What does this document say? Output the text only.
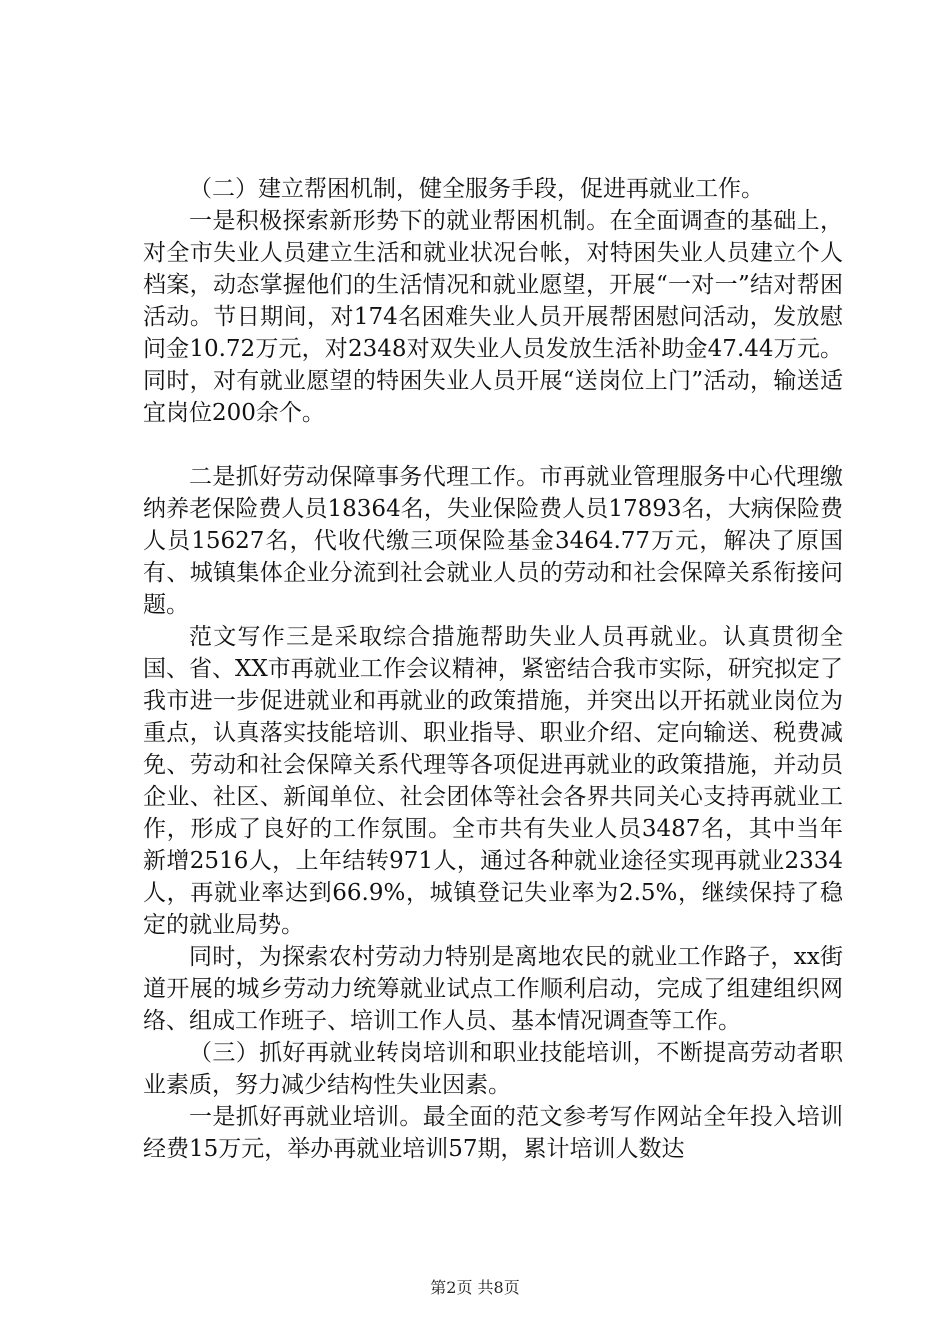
（二）建立帮困机制，健全服务手段，促进再就业工作。

一是积极探索新形势下的就业帮困机制。在全面调查的基础上，对全市失业人员建立生活和就业状况台帐，对特困失业人员建立个人档案，动态掌握他们的生活情况和就业愿望，开展“一对一”结对帮困活动。节日期间，对174名困难失业人员开展帮困慰问活动，发放慰问金10.72万元，对2348对双失业人员发放生活补助金47.44万元。同时，对有就业愿望的特困失业人员开展“送岗位上门”活动，输送适宜岗位200余个。

二是抓好劳动保障事务代理工作。市再就业管理服务中心代理缴纳养老保险费人员18364名，失业保险费人员17893名，大病保险费人员15627名，代收代缴三项保险基金3464.77万元，解决了原国有、城镇集体企业分流到社会就业人员的劳动和社会保障关系衔接问题。

范文写作三是采取综合措施帮助失业人员再就业。认真贯彻全国、省、XX市再就业工作会议精神，紧密结合我市实际，研究拟定了我市进一步促进就业和再就业的政策措施，并突出以开拓就业岗位为重点，认真落实技能培训、职业指导、职业介绍、定向输送、税费减免、劳动和社会保障关系代理等各项促进再就业的政策措施，并动员企业、社区、新闻单位、社会团体等社会各界共同关心支持再就业工作，形成了良好的工作氛围。全市共有失业人员3487名，其中当年新增2516人，上年结转971人，通过各种就业途径实现再就业2334人，再就业率达到66.9%，城镇登记失业率为2.5%，继续保持了稳定的就业局势。

同时，为探索农村劳动力特别是离地农民的就业工作路子，xx街道开展的城乡劳动力统筹就业试点工作顺利启动，完成了组建组织网络、组成工作班子、培训工作人员、基本情况调查等工作。

（三）抓好再就业转岗培训和职业技能培训，不断提高劳动者职业素质，努力减少结构性失业因素。

一是抓好再就业培训。最全面的范文参考写作网站全年投入培训经费15万元，举办再就业培训57期，累计培训人数达

第2页 共8页
